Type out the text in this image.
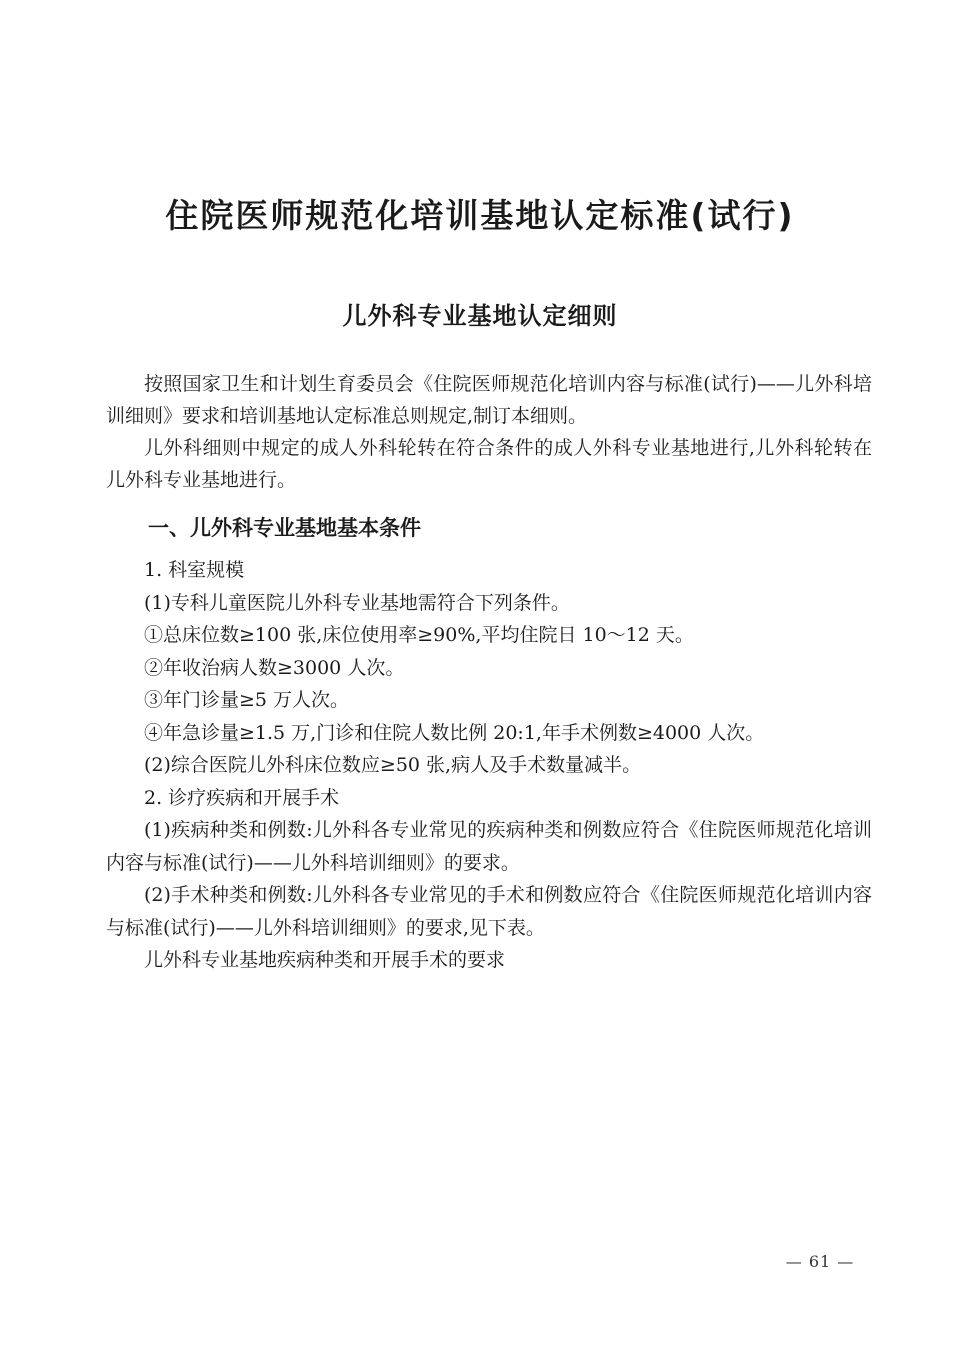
住院医师规范化培训基地认定标准(试行)
儿外科专业基地认定细则

按照国家卫生和计划生育委员会《住院医师规范化培训内容与标准(试行)——儿外科培训细则》要求和培训基地认定标准总则规定,制订本细则。

儿外科细则中规定的成人外科轮转在符合条件的成人外科专业基地进行,儿外科轮转在儿外科专业基地进行。

一、儿外科专业基地基本条件

1. 科室规模

(1)专科儿童医院儿外科专业基地需符合下列条件。

①总床位数≥100 张,床位使用率≥90%,平均住院日 10～12 天。

②年收治病人数≥3000 人次。

③年门诊量≥5 万人次。

④年急诊量≥1.5 万,门诊和住院人数比例 20:1,年手术例数≥4000 人次。

(2)综合医院儿外科床位数应≥50 张,病人及手术数量减半。

2. 诊疗疾病和开展手术

(1)疾病种类和例数:儿外科各专业常见的疾病种类和例数应符合《住院医师规范化培训内容与标准(试行)——儿外科培训细则》的要求。

(2)手术种类和例数:儿外科各专业常见的手术和例数应符合《住院医师规范化培训内容与标准(试行)——儿外科培训细则》的要求,见下表。

儿外科专业基地疾病种类和开展手术的要求

— 61 —
